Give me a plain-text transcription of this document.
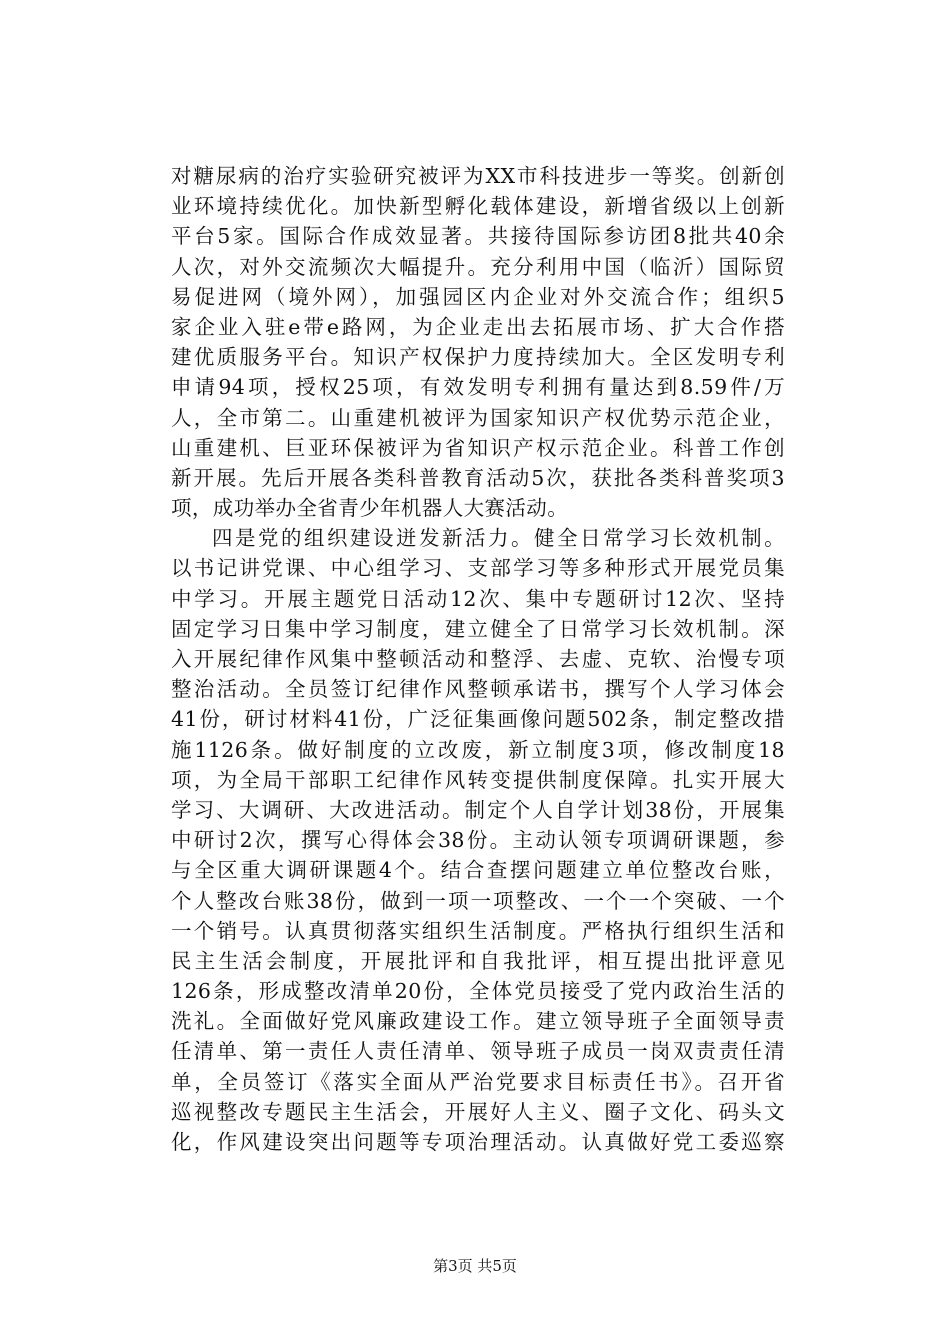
对糖尿病的治疗实验研究被评为XX市科技进步一等奖。创新创
业环境持续优化。加快新型孵化载体建设，新增省级以上创新
平台5家。国际合作成效显著。共接待国际参访团8批共40余
人次，对外交流频次大幅提升。充分利用中国（临沂）国际贸
易促进网（境外网），加强园区内企业对外交流合作；组织5
家企业入驻e带e路网，为企业走出去拓展市场、扩大合作搭
建优质服务平台。知识产权保护力度持续加大。全区发明专利
申请94项，授权25项，有效发明专利拥有量达到8.59件/万
人，全市第二。山重建机被评为国家知识产权优势示范企业，
山重建机、巨亚环保被评为省知识产权示范企业。科普工作创
新开展。先后开展各类科普教育活动5次，获批各类科普奖项3
项，成功举办全省青少年机器人大赛活动。
四是党的组织建设迸发新活力。健全日常学习长效机制。
以书记讲党课、中心组学习、支部学习等多种形式开展党员集
中学习。开展主题党日活动12次、集中专题研讨12次、坚持
固定学习日集中学习制度，建立健全了日常学习长效机制。深
入开展纪律作风集中整顿活动和整浮、去虚、克软、治慢专项
整治活动。全员签订纪律作风整顿承诺书，撰写个人学习体会
41份，研讨材料41份，广泛征集画像问题502条，制定整改措
施1126条。做好制度的立改废，新立制度3项，修改制度18
项，为全局干部职工纪律作风转变提供制度保障。扎实开展大
学习、大调研、大改进活动。制定个人自学计划38份，开展集
中研讨2次，撰写心得体会38份。主动认领专项调研课题，参
与全区重大调研课题4个。结合查摆问题建立单位整改台账，
个人整改台账38份，做到一项一项整改、一个一个突破、一个
一个销号。认真贯彻落实组织生活制度。严格执行组织生活和
民主生活会制度，开展批评和自我批评，相互提出批评意见
126条，形成整改清单20份，全体党员接受了党内政治生活的
洗礼。全面做好党风廉政建设工作。建立领导班子全面领导责
任清单、第一责任人责任清单、领导班子成员一岗双责责任清
单，全员签订《落实全面从严治党要求目标责任书》。召开省
巡视整改专题民主生活会，开展好人主义、圈子文化、码头文
化，作风建设突出问题等专项治理活动。认真做好党工委巡察
第3页 共5页
